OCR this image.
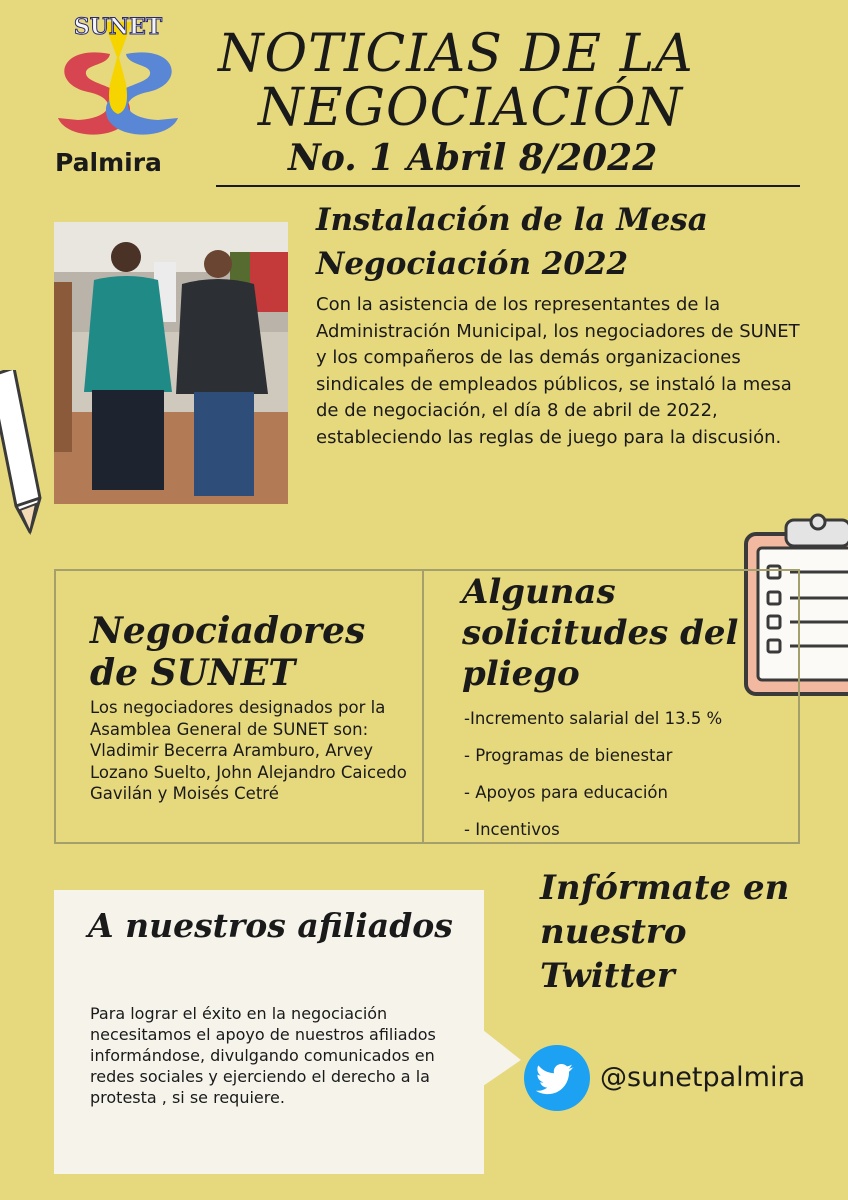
SUNET
Palmira
NOTICIAS DE LA
NEGOCIACIÓN
No. 1 Abril 8/2022
Instalación de la Mesa Negociación 2022
Con la asistencia de los representantes de la Administración Municipal, los negociadores de SUNET y los compañeros de las demás organizaciones sindicales de empleados públicos, se instaló la mesa de de negociación, el día 8 de abril de 2022, estableciendo las reglas de juego para la discusión.
Negociadores de SUNET
Los negociadores designados por la Asamblea General de SUNET son: Vladimir Becerra Aramburo, Arvey Lozano Suelto, John Alejandro Caicedo Gavilán y Moisés Cetré
Algunas solicitudes del pliego
-Incremento salarial del 13.5 %
- Programas de bienestar
- Apoyos para educación
- Incentivos
A nuestros afiliados
Para lograr el éxito en la negociación necesitamos el apoyo de nuestros afiliados informándose, divulgando comunicados en redes sociales y ejerciendo el derecho a la protesta , si se requiere.
Infórmate en nuestro Twitter
@sunetpalmira
